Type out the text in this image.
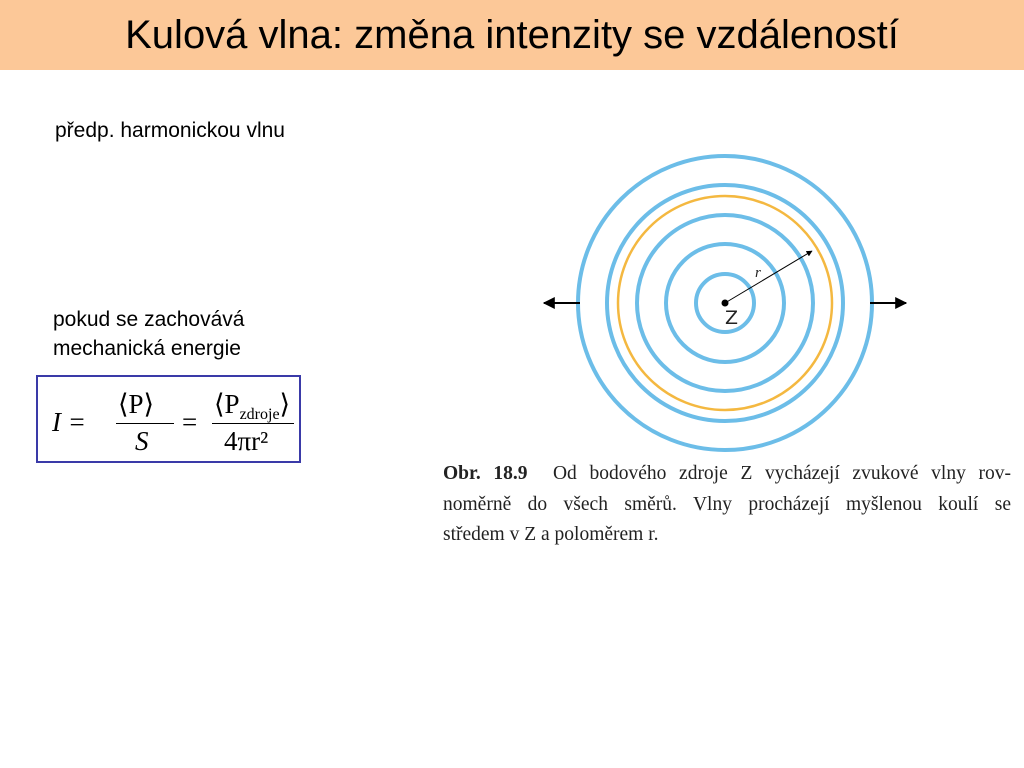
Kulová vlna: změna intenzity se vzdáleností
předp. harmonickou vlnu
pokud se zachovává
mechanická energie
I =
⟨P⟩
S
=
$⟨P_{zdroje}⟩$
4πr²
Z
r
Obr. 18.9 Od bodového zdroje Z vycházejí zvukové vlny rov-
noměrně do všech směrů. Vlny procházejí myšlenou koulí se
středem v Z a poloměrem r.
